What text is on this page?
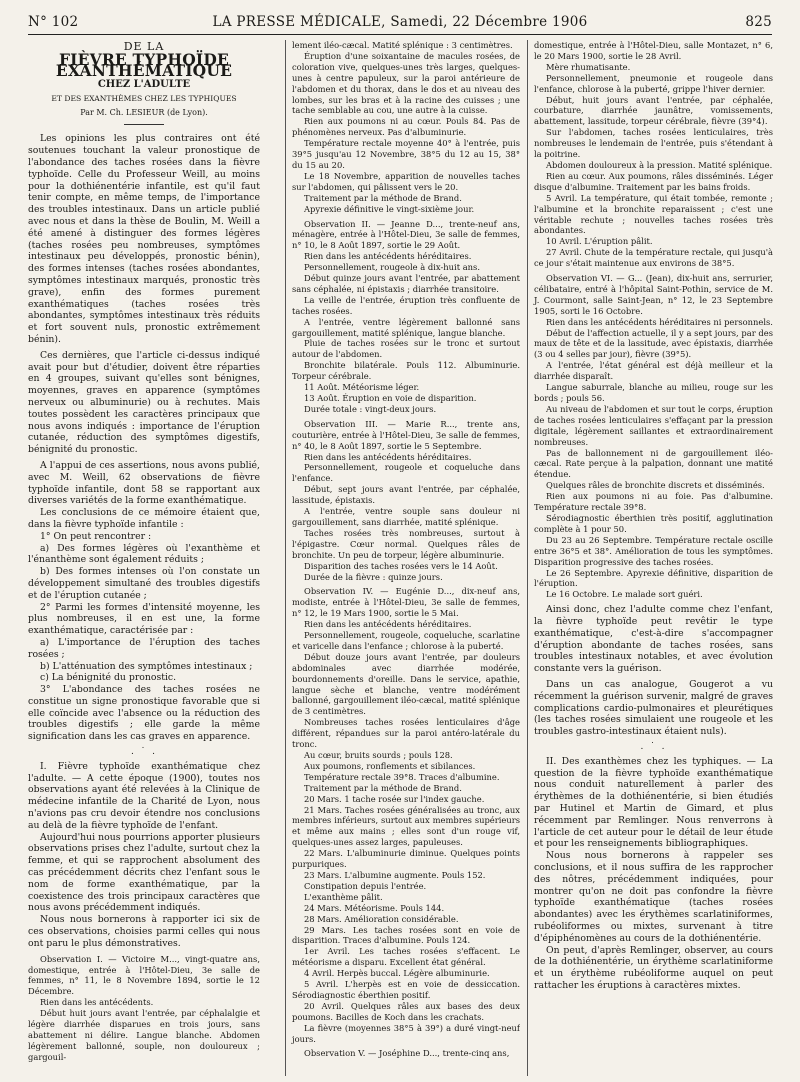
N° 102	LA PRESSE MÉDICALE, Samedi, 22 Décembre 1906	825
DE LA
FIÈVRE TYPHOÏDE EXANTHÉMATIQUE
CHEZ L'ADULTE
ET DES EXANTHÈMES CHEZ LES TYPHIQUES
Par M. Ch. LESIEUR (de Lyon).

Les opinions les plus contraires ont été soutenues touchant la valeur pronostique de l'abondance des taches rosées dans la fièvre typhoïde. Celle du Professeur Weill, au moins pour la dothiénentérie infantile, est qu'il faut tenir compte, en même temps, de l'importance des troubles intestinaux. Dans un article publié avec nous et dans la thèse de Boulin, M. Weill a été amené à distinguer des formes légères (taches rosées peu nombreuses, symptômes intestinaux peu développés, pronostic bénin), des formes intenses (taches rosées abondantes, symptômes intestinaux marqués, pronostic très grave), enfin des formes purement exanthématiques (taches rosées très abondantes, symptômes intestinaux très réduits et fort souvent nuls, pronostic extrêmement bénin).

Ces dernières, que l'article ci-dessus indiqué avait pour but d'étudier, doivent être réparties en 4 groupes, suivant qu'elles sont bénignes, moyennes, graves en apparence (symptômes nerveux ou albuminurie) ou à rechutes. Mais toutes possèdent les caractères principaux que nous avons indiqués : importance de l'éruption cutanée, réduction des symptômes digestifs, bénignité du pronostic.

A l'appui de ces assertions, nous avons publié, avec M. Weill, 62 observations de fièvre typhoïde infantile, dont 58 se rapportant aux diverses variétés de la forme exanthématique.

Les conclusions de ce mémoire étaient que, dans la fièvre typhoïde infantile :

1° On peut rencontrer :

a) Des formes légères où l'exanthème et l'énanthème sont également réduits ;

b) Des formes intenses où l'on constate un développement simultané des troubles digestifs et de l'éruption cutanée ;

2° Parmi les formes d'intensité moyenne, les plus nombreuses, il en est une, la forme exanthématique, caractérisée par :

a) L'importance de l'éruption des taches rosées ;

b) L'atténuation des symptômes intestinaux ;

c) La bénignité du pronostic.

3° L'abondance des taches rosées ne constitue un signe pronostique favorable que si elle coïncide avec l'absence ou la réduction des troubles digestifs ; elle garde la même signification dans les cas graves en apparence.

. ˙ .

I. Fièvre typhoïde exanthématique chez l'adulte. — A cette époque (1900), toutes nos observations ayant été relevées à la Clinique de médecine infantile de la Charité de Lyon, nous n'avions pas cru devoir étendre nos conclusions au delà de la fièvre typhoïde de l'enfant.

Aujourd'hui nous pourrions apporter plusieurs observations prises chez l'adulte, surtout chez la femme, et qui se rapprochent absolument des cas précédemment décrits chez l'enfant sous le nom de forme exanthématique, par la coexistence des trois principaux caractères que nous avons précédemment indiqués.

Nous nous bornerons à rapporter ici six de ces observations, choisies parmi celles qui nous ont paru le plus démonstratives.

Observation I. — Victoire M..., vingt-quatre ans, domestique, entrée à l'Hôtel-Dieu, 3e salle de femmes, n° 11, le 8 Novembre 1894, sortie le 12 Décembre.

Rien dans les antécédents.

Début huit jours avant l'entrée, par céphalalgie et légère diarrhée disparues en trois jours, sans abattement ni délire. Langue blanche. Abdomen légèrement ballonné, souple, non douloureux ; gargouil-

lement iléo-cæcal. Matité splénique : 3 centimètres.

Éruption d'une soixantaine de macules rosées, de coloration vive, quelques-unes très larges, quelques-unes à centre papuleux, sur la paroi antérieure de l'abdomen et du thorax, dans le dos et au niveau des lombes, sur les bras et à la racine des cuisses ; une tache semblable au cou, une autre à la cuisse.

Rien aux poumons ni au cœur. Pouls 84. Pas de phénomènes nerveux. Pas d'albuminurie.

Température rectale moyenne 40° à l'entrée, puis 39°5 jusqu'au 12 Novembre, 38°5 du 12 au 15, 38° du 15 au 20.

Le 18 Novembre, apparition de nouvelles taches sur l'abdomen, qui pâlissent vers le 20.

Traitement par la méthode de Brand.

Apyrexie définitive le vingt-sixième jour.

Observation II. — Jeanne D..., trente-neuf ans, ménagère, entrée à l'Hôtel-Dieu, 3e salle de femmes, n° 10, le 8 Août 1897, sortie le 29 Août.

Rien dans les antécédents héréditaires.

Personnellement, rougeole à dix-huit ans.

Début quinze jours avant l'entrée, par abattement sans céphalée, ni épistaxis ; diarrhée transitoire.

La veille de l'entrée, éruption très confluente de taches rosées.

A l'entrée, ventre légèrement ballonné sans gargouillement, matité splénique, langue blanche.

Pluie de taches rosées sur le tronc et surtout autour de l'abdomen.

Bronchite bilatérale. Pouls 112. Albuminurie. Torpeur cérébrale.

11 Août. Météorisme léger.

13 Août. Éruption en voie de disparition.

Durée totale : vingt-deux jours.

Observation III. — Marie R..., trente ans, couturière, entrée à l'Hôtel-Dieu, 3e salle de femmes, n° 40, le 8 Août 1897, sortie le 5 Septembre.

Rien dans les antécédents héréditaires.

Personnellement, rougeole et coqueluche dans l'enfance.

Début, sept jours avant l'entrée, par céphalée, lassitude, épistaxis.

A l'entrée, ventre souple sans douleur ni gargouillement, sans diarrhée, matité splénique.

Taches rosées très nombreuses, surtout à l'épigastre. Cœur normal. Quelques râles de bronchite. Un peu de torpeur, légère albuminurie.

Disparition des taches rosées vers le 14 Août.

Durée de la fièvre : quinze jours.

Observation IV. — Eugénie D..., dix-neuf ans, modiste, entrée à l'Hôtel-Dieu, 3e salle de femmes, n° 12, le 19 Mars 1900, sortie le 5 Mai.

Rien dans les antécédents héréditaires.

Personnellement, rougeole, coqueluche, scarlatine et varicelle dans l'enfance ; chlorose à la puberté.

Début douze jours avant l'entrée, par douleurs abdominales avec diarrhée modérée, bourdonnements d'oreille. Dans le service, apathie, langue sèche et blanche, ventre modérément ballonné, gargouillement iléo-cæcal, matité splénique de 3 centimètres.

Nombreuses taches rosées lenticulaires d'âge différent, répandues sur la paroi antéro-latérale du tronc.

Au cœur, bruits sourds ; pouls 128.

Aux poumons, ronflements et sibilances.

Température rectale 39°8. Traces d'albumine.

Traitement par la méthode de Brand.

20 Mars. 1 tache rosée sur l'index gauche.

21 Mars. Taches rosées généralisées au tronc, aux membres inférieurs, surtout aux membres supérieurs et même aux mains ; elles sont d'un rouge vif, quelques-unes assez larges, papuleuses.

22 Mars. L'albuminurie diminue. Quelques points purpuriques.

23 Mars. L'albumine augmente. Pouls 152.

Constipation depuis l'entrée.

L'exanthème pâlit.

24 Mars. Météorisme. Pouls 144.

28 Mars. Amélioration considérable.

29 Mars. Les taches rosées sont en voie de disparition. Traces d'albumine. Pouls 124.

1er Avril. Les taches rosées s'effacent. Le météorisme a disparu. Excellent état général.

4 Avril. Herpès buccal. Légère albuminurie.

5 Avril. L'herpès est en voie de dessiccation. Sérodiagnostic éberthien positif.

20 Avril. Quelques râles aux bases des deux poumons. Bacilles de Koch dans les crachats.

La fièvre (moyennes 38°5 à 39°) a duré vingt-neuf jours.

Observation V. — Joséphine D..., trente-cinq ans,

domestique, entrée à l'Hôtel-Dieu, salle Montazet, n° 6, le 20 Mars 1900, sortie le 28 Avril.

Mère rhumatisante.

Personnellement, pneumonie et rougeole dans l'enfance, chlorose à la puberté, grippe l'hiver dernier.

Début, huit jours avant l'entrée, par céphalée, courbature, diarrhée jaunâtre, vomissements, abattement, lassitude, torpeur cérébrale, fièvre (39°4).

Sur l'abdomen, taches rosées lenticulaires, très nombreuses le lendemain de l'entrée, puis s'étendant à la poitrine.

Abdomen douloureux à la pression. Matité splénique.

Rien au cœur. Aux poumons, râles disséminés. Léger disque d'albumine. Traitement par les bains froids.

5 Avril. La température, qui était tombée, remonte ; l'albumine et la bronchite reparaissent ; c'est une véritable rechute ; nouvelles taches rosées très abondantes.

10 Avril. L'éruption pâlit.

27 Avril. Chute de la température rectale, qui jusqu'à ce jour s'était maintenue aux environs de 38°5.

Observation VI. — G... (Jean), dix-huit ans, serrurier, célibataire, entré à l'hôpital Saint-Pothin, service de M. J. Courmont, salle Saint-Jean, n° 12, le 23 Septembre 1905, sorti le 16 Octobre.

Rien dans les antécédents héréditaires ni personnels.

Début de l'affection actuelle, il y a sept jours, par des maux de tête et de la lassitude, avec épistaxis, diarrhée (3 ou 4 selles par jour), fièvre (39°5).

A l'entrée, l'état général est déjà meilleur et la diarrhée disparaît.

Langue saburrale, blanche au milieu, rouge sur les bords ; pouls 56.

Au niveau de l'abdomen et sur tout le corps, éruption de taches rosées lenticulaires s'effaçant par la pression digitale, légèrement saillantes et extraordinairement nombreuses.

Pas de ballonnement ni de gargouillement iléo-cæcal. Rate perçue à la palpation, donnant une matité étendue.

Quelques râles de bronchite discrets et disséminés.

Rien aux poumons ni au foie. Pas d'albumine. Température rectale 39°8.

Sérodiagnostic éberthien très positif, agglutination complète à 1 pour 50.

Du 23 au 26 Septembre. Température rectale oscille entre 36°5 et 38°. Amélioration de tous les symptômes. Disparition progressive des taches rosées.

Le 26 Septembre. Apyrexie définitive, disparition de l'éruption.

Le 16 Octobre. Le malade sort guéri.

Ainsi donc, chez l'adulte comme chez l'enfant, la fièvre typhoïde peut revêtir le type exanthématique, c'est-à-dire s'accompagner d'éruption abondante de taches rosées, sans troubles intestinaux notables, et avec évolution constante vers la guérison.

Dans un cas analogue, Gougerot a vu récemment la guérison survenir, malgré de graves complications cardio-pulmonaires et pleurétiques (les taches rosées simulaient une rougeole et les troubles gastro-intestinaux étaient nuls).

. ˙ .

II. Des exanthèmes chez les typhiques. — La question de la fièvre typhoïde exanthématique nous conduit naturellement à parler des érythèmes de la dothiénentérie, si bien étudiés par Hutinel et Martin de Gimard, et plus récemment par Remlinger. Nous renverrons à l'article de cet auteur pour le détail de leur étude et pour les renseignements bibliographiques.

Nous nous bornerons à rappeler ses conclusions, et il nous suffira de les rapprocher des nôtres, précédemment indiquées, pour montrer qu'on ne doit pas confondre la fièvre typhoïde exanthématique (taches rosées abondantes) avec les érythèmes scarlatiniformes, rubéoliformes ou mixtes, survenant à titre d'épiphénomènes au cours de la dothiénentérie.

On peut, d'après Remlinger, observer, au cours de la dothiénentérie, un érythème scarlatiniforme et un érythème rubéoliforme auquel on peut rattacher les éruptions à caractères mixtes.
